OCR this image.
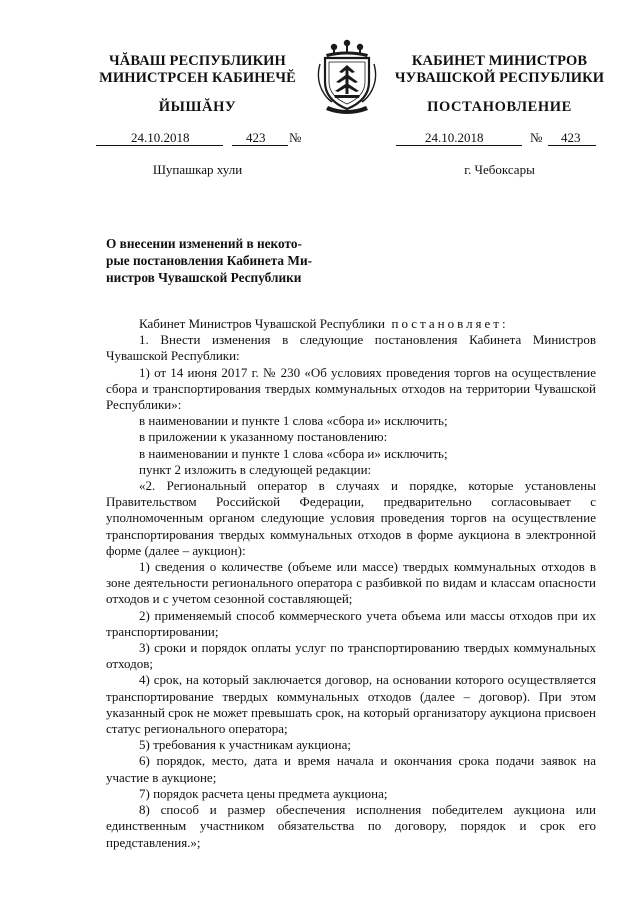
ЧĂВАШ РЕСПУБЛИКИН
МИНИСТРСЕН КАБИНЕЧĔ
ЙЫШĂНУ
КАБИНЕТ МИНИСТРОВ
ЧУВАШСКОЙ РЕСПУБЛИКИ
ПОСТАНОВЛЕНИЕ
24.10.2018	423 №	24.10.2018	№ 423
Шупашкар хули	г. Чебоксары
О внесении изменений в некото-
рые постановления Кабинета Ми-
нистров Чувашской Республики

Кабинет Министров Чувашской Республики постановляет:

1. Внести изменения в следующие постановления Кабинета Министров Чувашской Республики:

1) от 14 июня 2017 г. № 230 «Об условиях проведения торгов на осуществление сбора и транспортирования твердых коммунальных отходов на территории Чувашской Республики»:

в наименовании и пункте 1 слова «сбора и» исключить;

в приложении к указанному постановлению:

в наименовании и пункте 1 слова «сбора и» исключить;

пункт 2 изложить в следующей редакции:

«2. Региональный оператор в случаях и порядке, которые установлены Правительством Российской Федерации, предварительно согласовывает с уполномоченным органом следующие условия проведения торгов на осуществление транспортирования твердых коммунальных отходов в форме аукциона в электронной форме (далее – аукцион):

1) сведения о количестве (объеме или массе) твердых коммунальных отходов в зоне деятельности регионального оператора с разбивкой по видам и классам опасности отходов и с учетом сезонной составляющей;

2) применяемый способ коммерческого учета объема или массы отходов при их транспортировании;

3) сроки и порядок оплаты услуг по транспортированию твердых коммунальных отходов;

4) срок, на который заключается договор, на основании которого осуществляется транспортирование твердых коммунальных отходов (далее – договор). При этом указанный срок не может превышать срок, на который организатору аукциона присвоен статус регионального оператора;

5) требования к участникам аукциона;

6) порядок, место, дата и время начала и окончания срока подачи заявок на участие в аукционе;

7) порядок расчета цены предмета аукциона;

8) способ и размер обеспечения исполнения победителем аукциона или единственным участником обязательства по договору, порядок и срок его представления.»;
